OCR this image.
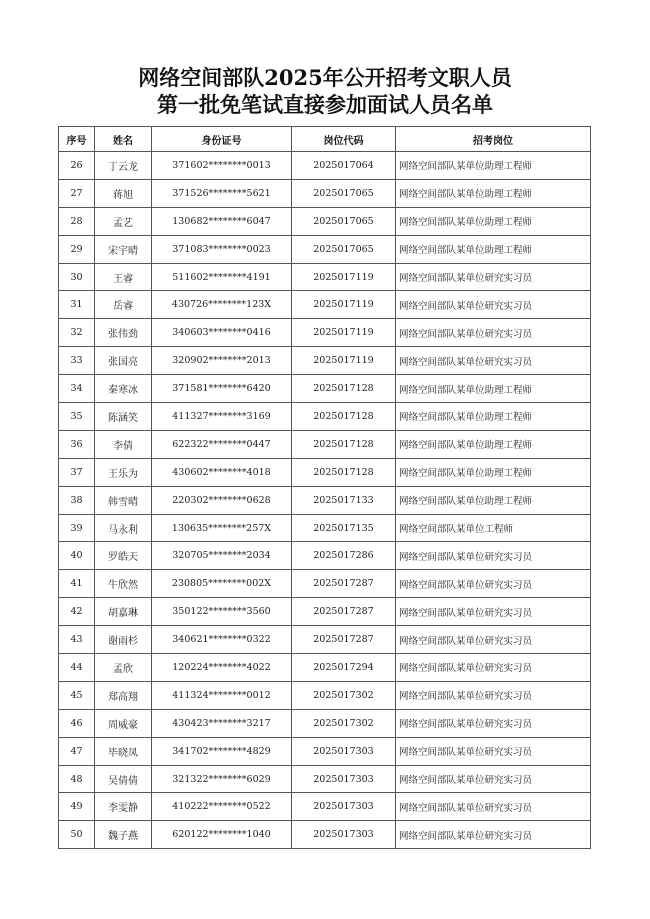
网络空间部队2025年公开招考文职人员
第一批免笔试直接参加面试人员名单
序号	姓名	身份证号	岗位代码	招考岗位
26	丁云龙	371602********0013	2025017064	网络空间部队某单位助理工程师
27	蒋旭	371526********5621	2025017065	网络空间部队某单位助理工程师
28	孟艺	130682********6047	2025017065	网络空间部队某单位助理工程师
29	宋宇晴	371083********0023	2025017065	网络空间部队某单位助理工程师
30	王睿	511602********4191	2025017119	网络空间部队某单位研究实习员
31	岳睿	430726********123X	2025017119	网络空间部队某单位研究实习员
32	张伟劲	340603********0416	2025017119	网络空间部队某单位研究实习员
33	张国亮	320902********2013	2025017119	网络空间部队某单位研究实习员
34	秦寒冰	371581********6420	2025017128	网络空间部队某单位助理工程师
35	陈涵笑	411327********3169	2025017128	网络空间部队某单位助理工程师
36	李倩	622322********0447	2025017128	网络空间部队某单位助理工程师
37	王乐为	430602********4018	2025017128	网络空间部队某单位助理工程师
38	韩雪晴	220302********0628	2025017133	网络空间部队某单位助理工程师
39	马永利	130635********257X	2025017135	网络空间部队某单位工程师
40	罗皓天	320705********2034	2025017286	网络空间部队某单位研究实习员
41	牛欣然	230805********002X	2025017287	网络空间部队某单位研究实习员
42	胡嘉琳	350122********3560	2025017287	网络空间部队某单位研究实习员
43	谢雨杉	340621********0322	2025017287	网络空间部队某单位研究实习员
44	孟欣	120224********4022	2025017294	网络空间部队某单位研究实习员
45	郑高翔	411324********0012	2025017302	网络空间部队某单位研究实习员
46	周威豪	430423********3217	2025017302	网络空间部队某单位研究实习员
47	毕晓凤	341702********4829	2025017303	网络空间部队某单位研究实习员
48	吴倩倩	321322********6029	2025017303	网络空间部队某单位研究实习员
49	李雯静	410222********0522	2025017303	网络空间部队某单位研究实习员
50	魏子燕	620122********1040	2025017303	网络空间部队某单位研究实习员
